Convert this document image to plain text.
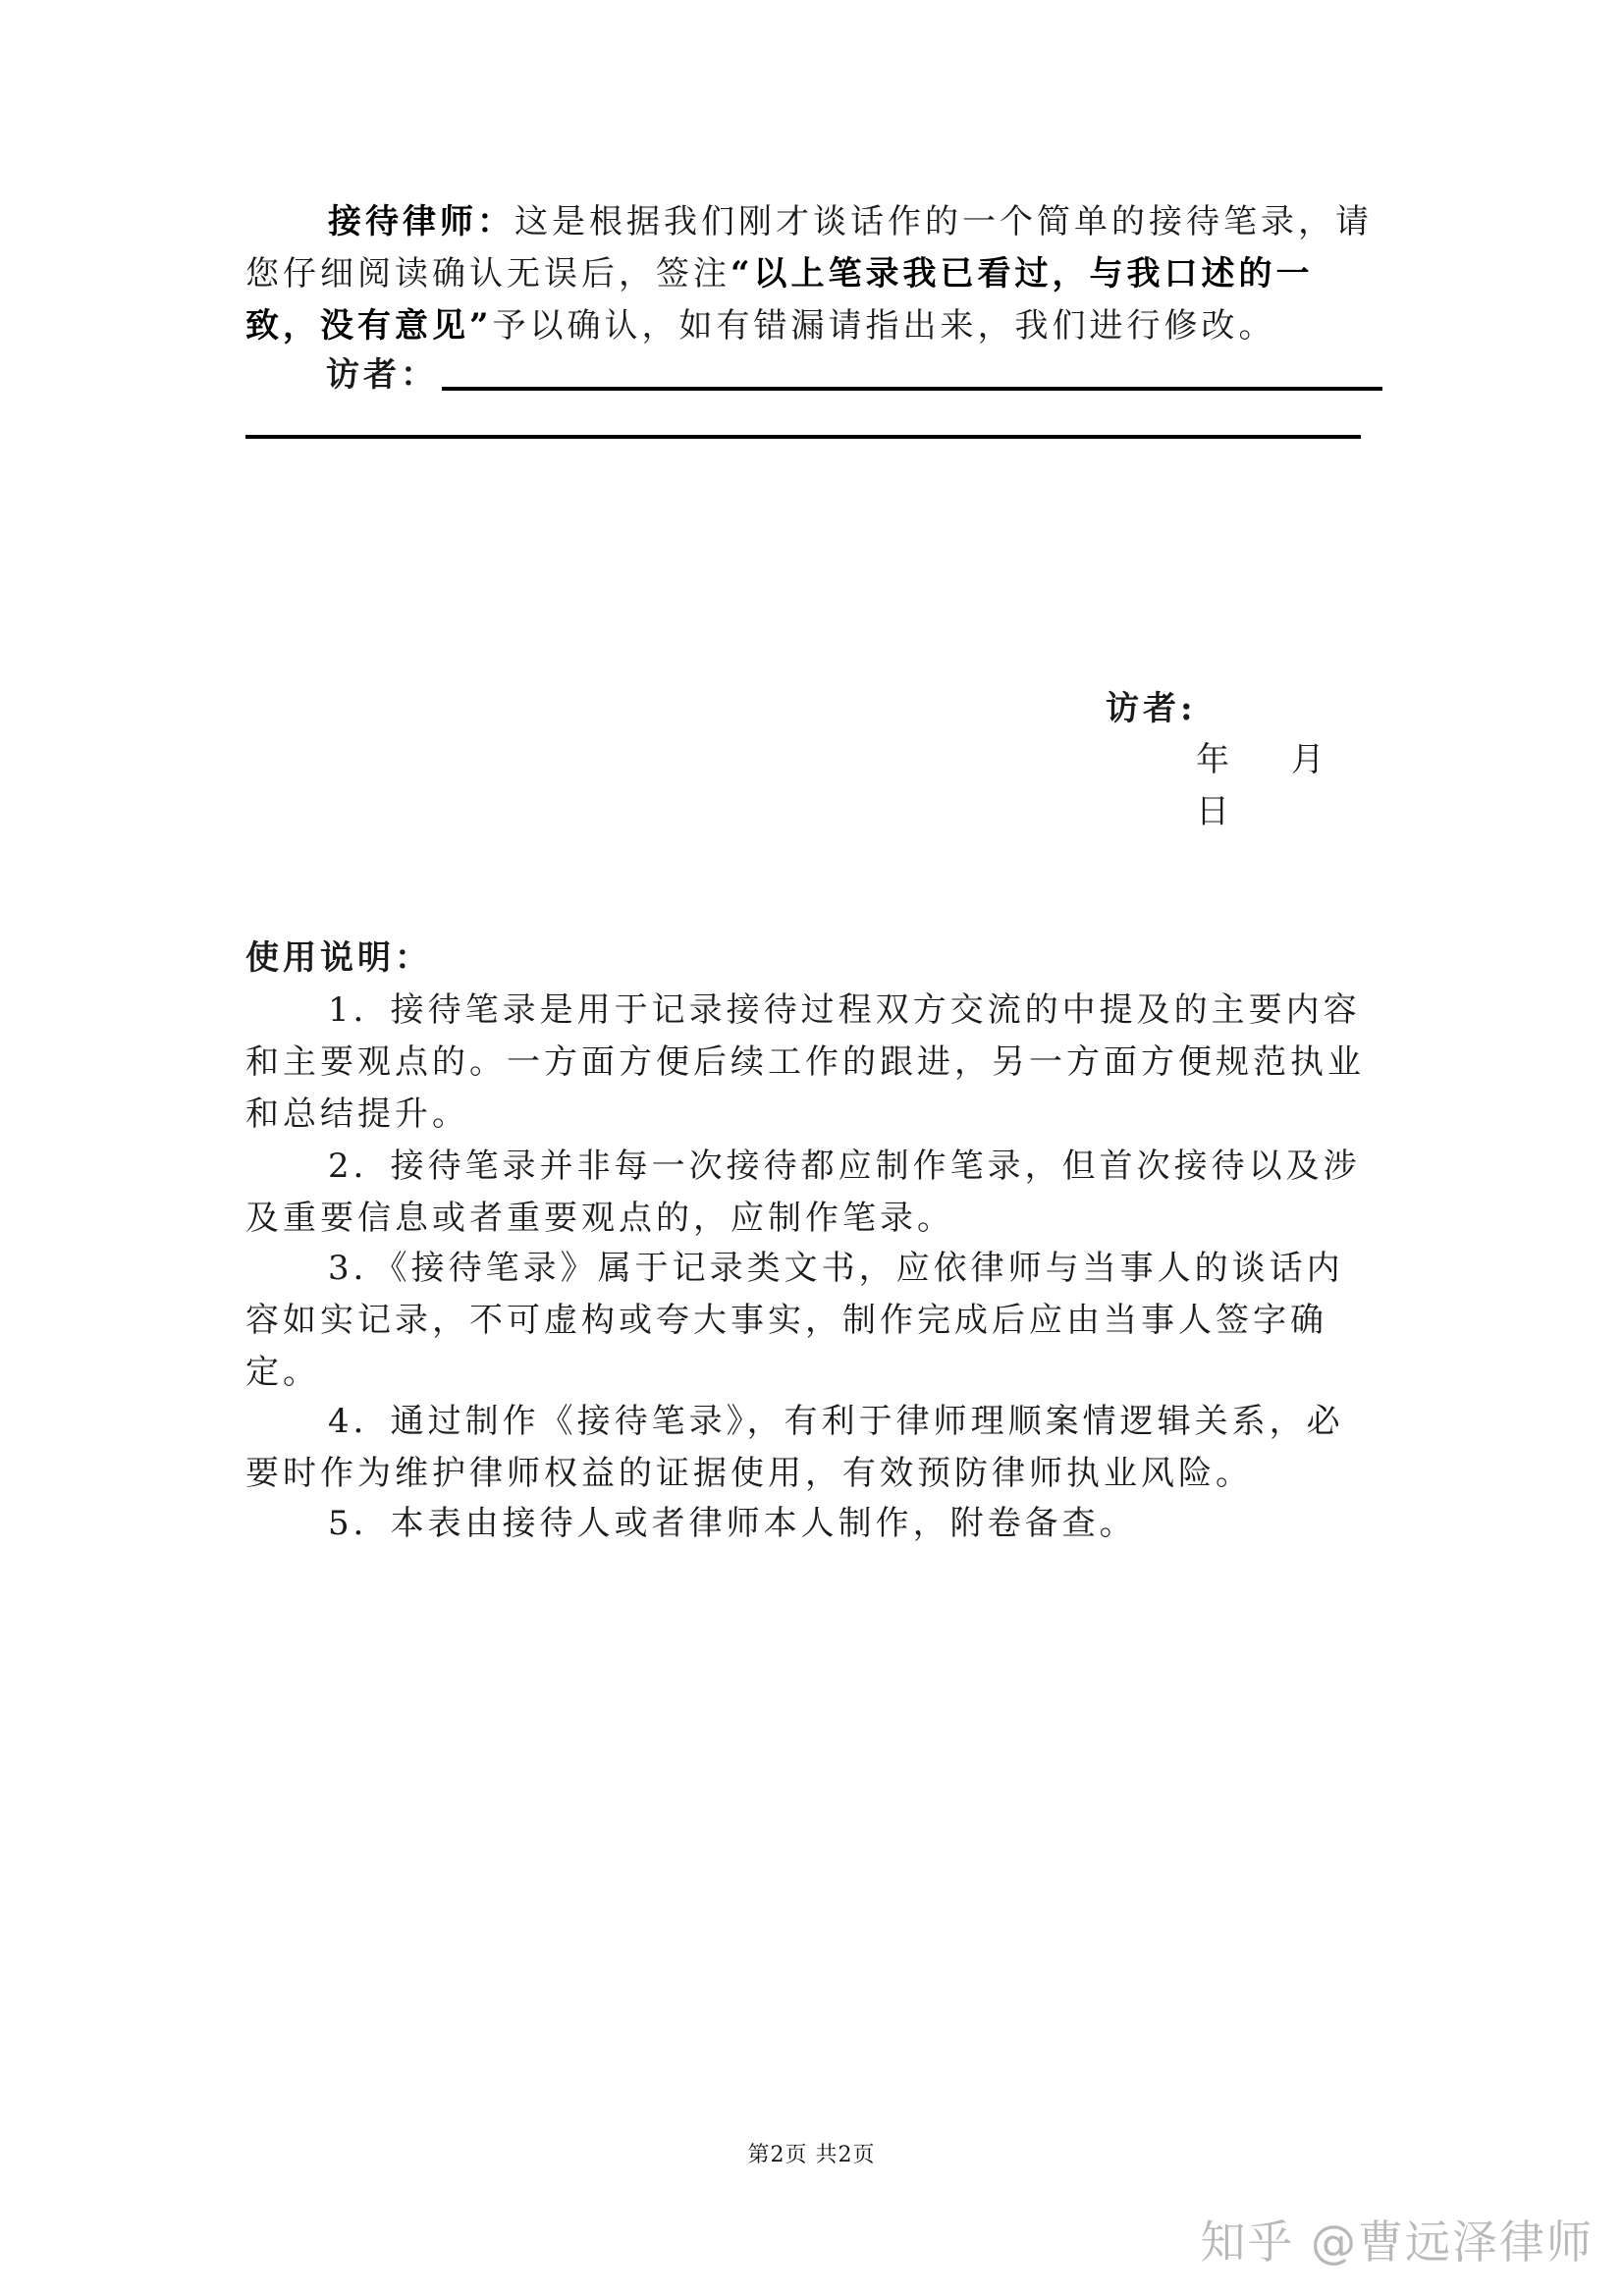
接待律师：这是根据我们刚才谈话作的一个简单的接待笔录，请您仔细阅读确认无误后，签注“以上笔录我已看过，与我口述的一致，没有意见”予以确认，如有错漏请指出来，我们进行修改。
访者：
访者:
年　 月　 日
使用说明：
1．接待笔录是用于记录接待过程双方交流的中提及的主要内容和主要观点的。一方面方便后续工作的跟进，另一方面方便规范执业和总结提升。
2．接待笔录并非每一次接待都应制作笔录，但首次接待以及涉及重要信息或者重要观点的，应制作笔录。
3．《接待笔录》属于记录类文书，应依律师与当事人的谈话内容如实记录，不可虚构或夸大事实，制作完成后应由当事人签字确定。
4．通过制作《接待笔录》，有利于律师理顺案情逻辑关系，必要时作为维护律师权益的证据使用，有效预防律师执业风险。
5．本表由接待人或者律师本人制作，附卷备查。
第2页 共2页
知乎 @曹远泽律师
